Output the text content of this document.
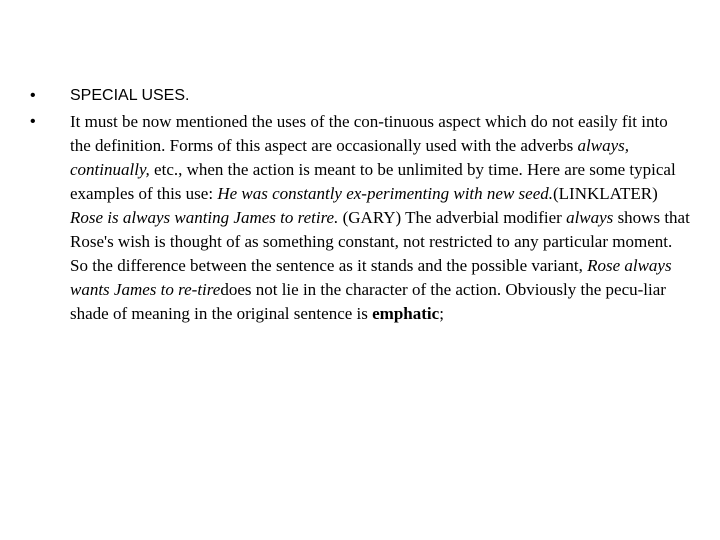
• SPECIAL USES.
• It must be now mentioned the uses of the con-tinuous aspect which do not easily fit into the definition. Forms of this aspect are occasionally used with the adverbs always, continually, etc., when the action is meant to be unlimited by time. Here are some typical examples of this use: He was constantly ex-perimenting with new seed.(LINKLATER) Rose is always wanting James to retire. (GARY) The adverbial modifier always shows that Rose's wish is thought of as something constant, not restricted to any particular moment. So the difference between the sentence as it stands and the possible variant, Rose always wants James to re-tiredoes not lie in the character of the action. Obviously the pecu-liar shade of meaning in the original sentence is emphatic;
